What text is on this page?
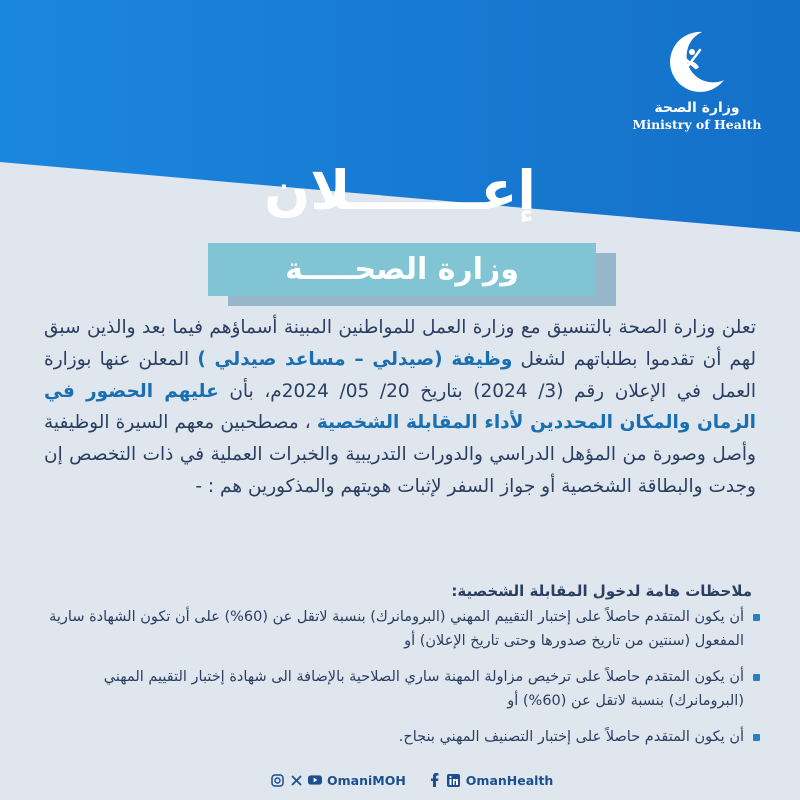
وزارة الصحة
Ministry of Health
إعـــــــلان
وزارة الصحـــــة
تعلن وزارة الصحة بالتنسيق مع وزارة العمل للمواطنين المبينة أسماؤهم فيما بعد والذين سبق لهم أن تقدموا بطلباتهم لشغل وظيفة (صيدلي – مساعد صيدلي ) المعلن عنها بوزارة العمل في الإعلان رقم (3/ 2024) بتاريخ 20/ 05/ 2024م، بأن عليهم الحضور في الزمان والمكان المحددين لأداء المقابلة الشخصية ، مصطحبين معهم السيرة الوظيفية وأصل وصورة من المؤهل الدراسي والدورات التدريبية والخبرات العملية في ذات التخصص إن وجدت والبطاقة الشخصية أو جواز السفر لإثبات هويتهم والمذكورين هم : -
ملاحظات هامة لدخول المقابلة الشخصية:
أن يكون المتقدم حاصلاً على إختبار التقييم المهني (البرومانرك) بنسبة لاتقل عن (60%) على أن تكون الشهادة سارية المفعول (سنتين من تاريخ صدورها وحتى تاريخ الإعلان) أو
أن يكون المتقدم حاصلاً على ترخيص مزاولة المهنة ساري الصلاحية بالإضافة الى شهادة إختبار التقييم المهني (البرومانرك) بنسبة لاتقل عن (60%) أو
أن يكون المتقدم حاصلاً على إختبار التصنيف المهني بنجاح.
OmaniMOH	OmanHealth
